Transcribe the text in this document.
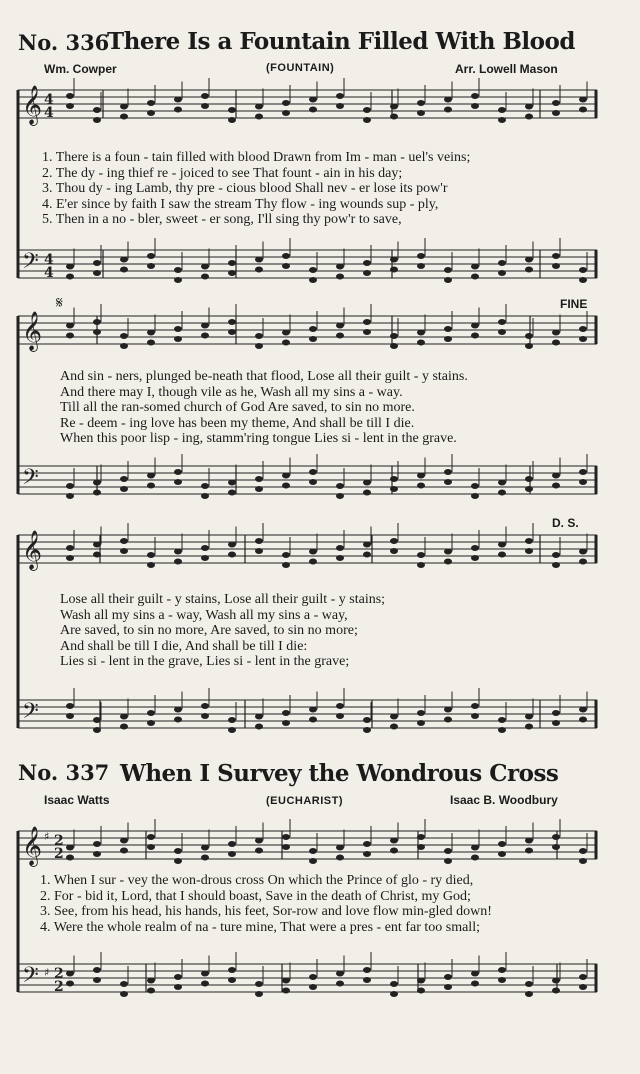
No. 336
There Is a Fountain Filled With Blood
Wm. Cowper	(FOUNTAIN)	Arr. Lowell Mason
𝄞 4
4
𝄢 4
4
𝄞
𝄢
𝄞
𝄢
𝄞 ♯ 2
2
𝄢 ♯ 2
2
𝄋	FINE
D. S.
1. There is a foun - tain filled with blood Drawn from Im - man - uel's veins;
2. The dy - ing thief re - joiced to see That fount - ain in his day;
3. Thou dy - ing Lamb, thy pre - cious blood Shall nev - er lose its pow'r
4. E'er since by faith I saw the stream Thy flow - ing wounds sup - ply,
5. Then in a no - bler, sweet - er song, I'll sing thy pow'r to save,
And sin - ners, plunged be-neath that flood, Lose all their guilt - y stains.
And there may I, though vile as he, Wash all my sins a - way.
Till all the ran-somed church of God Are saved, to sin no more.
Re - deem - ing love has been my theme, And shall be till I die.
When this poor lisp - ing, stamm'ring tongue Lies si - lent in the grave.
Lose all their guilt - y stains, Lose all their guilt - y stains;
Wash all my sins a - way, Wash all my sins a - way,
Are saved, to sin no more, Are saved, to sin no more;
And shall be till I die, And shall be till I die:
Lies si - lent in the grave, Lies si - lent in the grave;
No. 337 When I Survey the Wondrous Cross
Isaac Watts	(EUCHARIST)	Isaac B. Woodbury
1. When I sur - vey the won-drous cross On which the Prince of glo - ry died,
2. For - bid it, Lord, that I should boast, Save in the death of Christ, my God;
3. See, from his head, his hands, his feet, Sor-row and love flow min-gled down!
4. Were the whole realm of na - ture mine, That were a pres - ent far too small;
